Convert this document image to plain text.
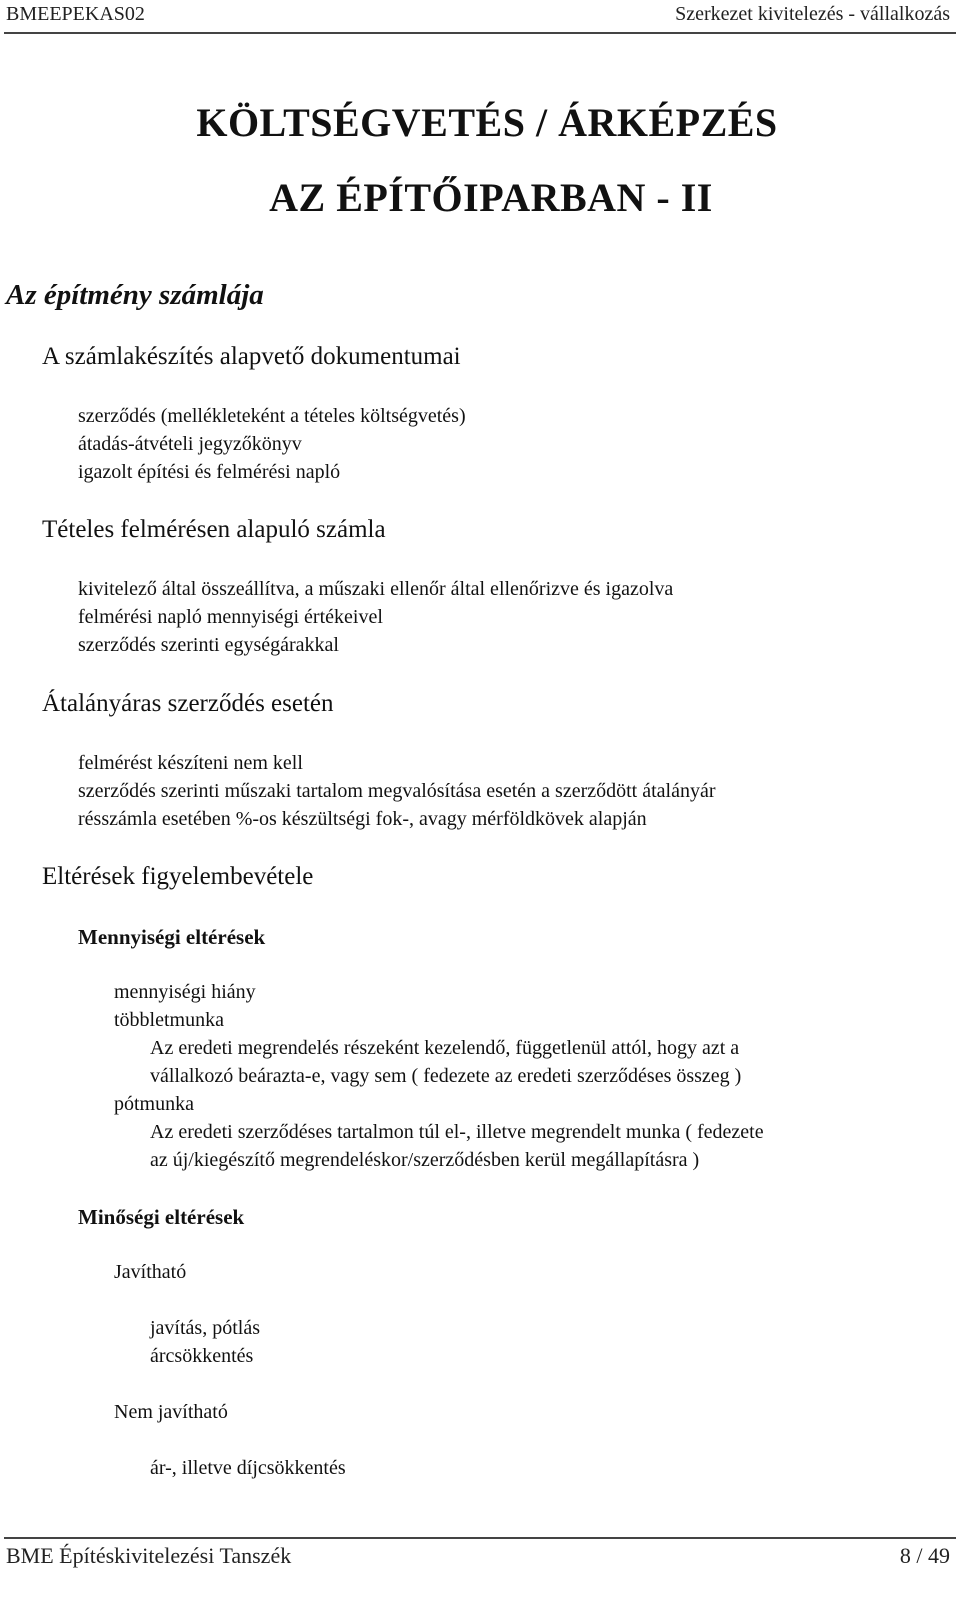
BMEEPEKAS02	Szerkezet kivitelezés - vállalkozás
KÖLTSÉGVETÉS / ÁRKÉPZÉS
AZ ÉPÍTŐIPARBAN - II
Az építmény számlája
A számlakészítés alapvető dokumentumai
szerződés (mellékleteként a tételes költségvetés)
átadás-átvételi jegyzőkönyv
igazolt építési és felmérési napló
Tételes felmérésen alapuló számla
kivitelező által összeállítva, a műszaki ellenőr által ellenőrizve és igazolva
felmérési napló mennyiségi értékeivel
szerződés szerinti egységárakkal
Átalányáras szerződés esetén
felmérést készíteni nem kell
szerződés szerinti műszaki tartalom megvalósítása esetén a szerződött átalányár
résszámla esetében %-os készültségi fok-, avagy mérföldkövek alapján
Eltérések figyelembevétele
Mennyiségi eltérések
mennyiségi hiány
többletmunka
Az eredeti megrendelés részeként kezelendő, függetlenül attól, hogy azt a
vállalkozó beárazta-e, vagy sem ( fedezete az eredeti szerződéses összeg )
pótmunka
Az eredeti szerződéses tartalmon túl el-, illetve megrendelt munka ( fedezete
az új/kiegészítő megrendeléskor/szerződésben kerül megállapításra )
Minőségi eltérések
Javítható
javítás, pótlás
árcsökkentés
Nem javítható
ár-, illetve díjcsökkentés
BME Építéskivitelezési Tanszék	8 / 49
